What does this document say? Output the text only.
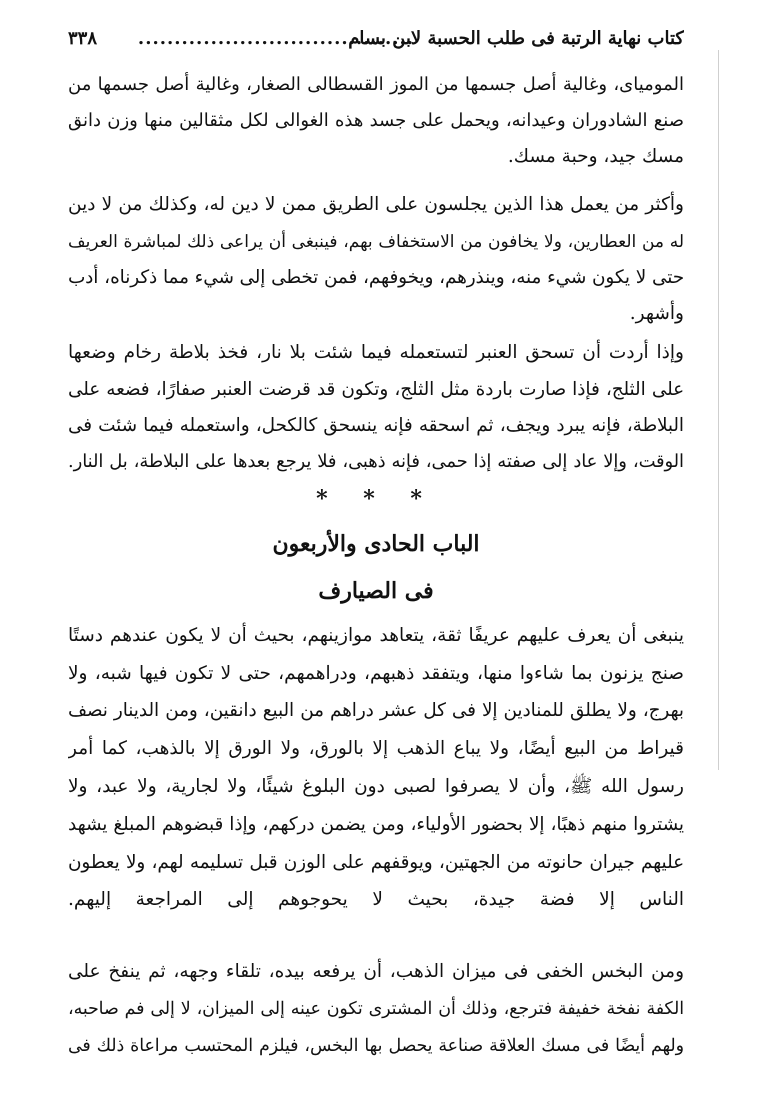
كتاب نهاية الرتبة فى طلب الحسبة لابن بسام
......................................
٣٣٨
المومياى، وغالية أصل جسمها من الموز القسطالى الصغار، وغالية أصل جسمها من
صنع الشادوران وعيدانه، ويحمل على جسد هذه الغوالى لكل مثقالين منها وزن دانق
مسك جيد، وحبة مسك.
وأكثر من يعمل هذا الذين يجلسون على الطريق ممن لا دين له، وكذلك من لا دين
له من العطارين، ولا يخافون من الاستخفاف بهم، فينبغى أن يراعى ذلك لمباشرة العريف
حتى لا يكون شيء منه، وينذرهم، ويخوفهم، فمن تخطى إلى شيء مما ذكرناه، أدب
وأشهر.
وإذا أردت أن تسحق العنبر لتستعمله فيما شئت بلا نار، فخذ بلاطة رخام وضعها
على الثلج، فإذا صارت باردة مثل الثلج، وتكون قد قرضت العنبر صفارًا، فضعه على
البلاطة، فإنه يبرد ويجف، ثم اسحقه فإنه ينسحق كالكحل، واستعمله فيما شئت فى
الوقت، وإلا عاد إلى صفته إذا حمى، فإنه ذهبى، فلا يرجع بعدها على البلاطة، بل النار.
* * *
الباب الحادى والأربعون
فى الصيارف
ينبغى أن يعرف عليهم عريفًا ثقة، يتعاهد موازينهم، بحيث أن لا يكون عندهم دستًا
صنج يزنون بما شاءوا منها، ويتفقد ذهبهم، ودراهمهم، حتى لا تكون فيها شبه، ولا
بهرج، ولا يطلق للمنادين إلا فى كل عشر دراهم من البيع دانقين، ومن الدينار نصف
قيراط من البيع أيضًا، ولا يباع الذهب إلا بالورق، ولا الورق إلا بالذهب، كما أمر
رسول الله ﷺ، وأن لا يصرفوا لصبى دون البلوغ شيئًا، ولا لجارية، ولا عبد، ولا
يشتروا منهم ذهبًا، إلا بحضور الأولياء، ومن يضمن دركهم، وإذا قبضوهم المبلغ يشهد
عليهم جيران حانوته من الجهتين، ويوقفهم على الوزن قبل تسليمه لهم، ولا يعطون
الناس إلا فضة جيدة، بحيث لا يحوجوهم إلى المراجعة إليهم.
ومن البخس الخفى فى ميزان الذهب، أن يرفعه بيده، تلقاء وجهه، ثم ينفخ على
الكفة نفخة خفيفة فترجع، وذلك أن المشترى تكون عينه إلى الميزان، لا إلى فم صاحبه،
ولهم أيضًا فى مسك العلاقة صناعة يحصل بها البخس، فيلزم المحتسب مراعاة ذلك فى
